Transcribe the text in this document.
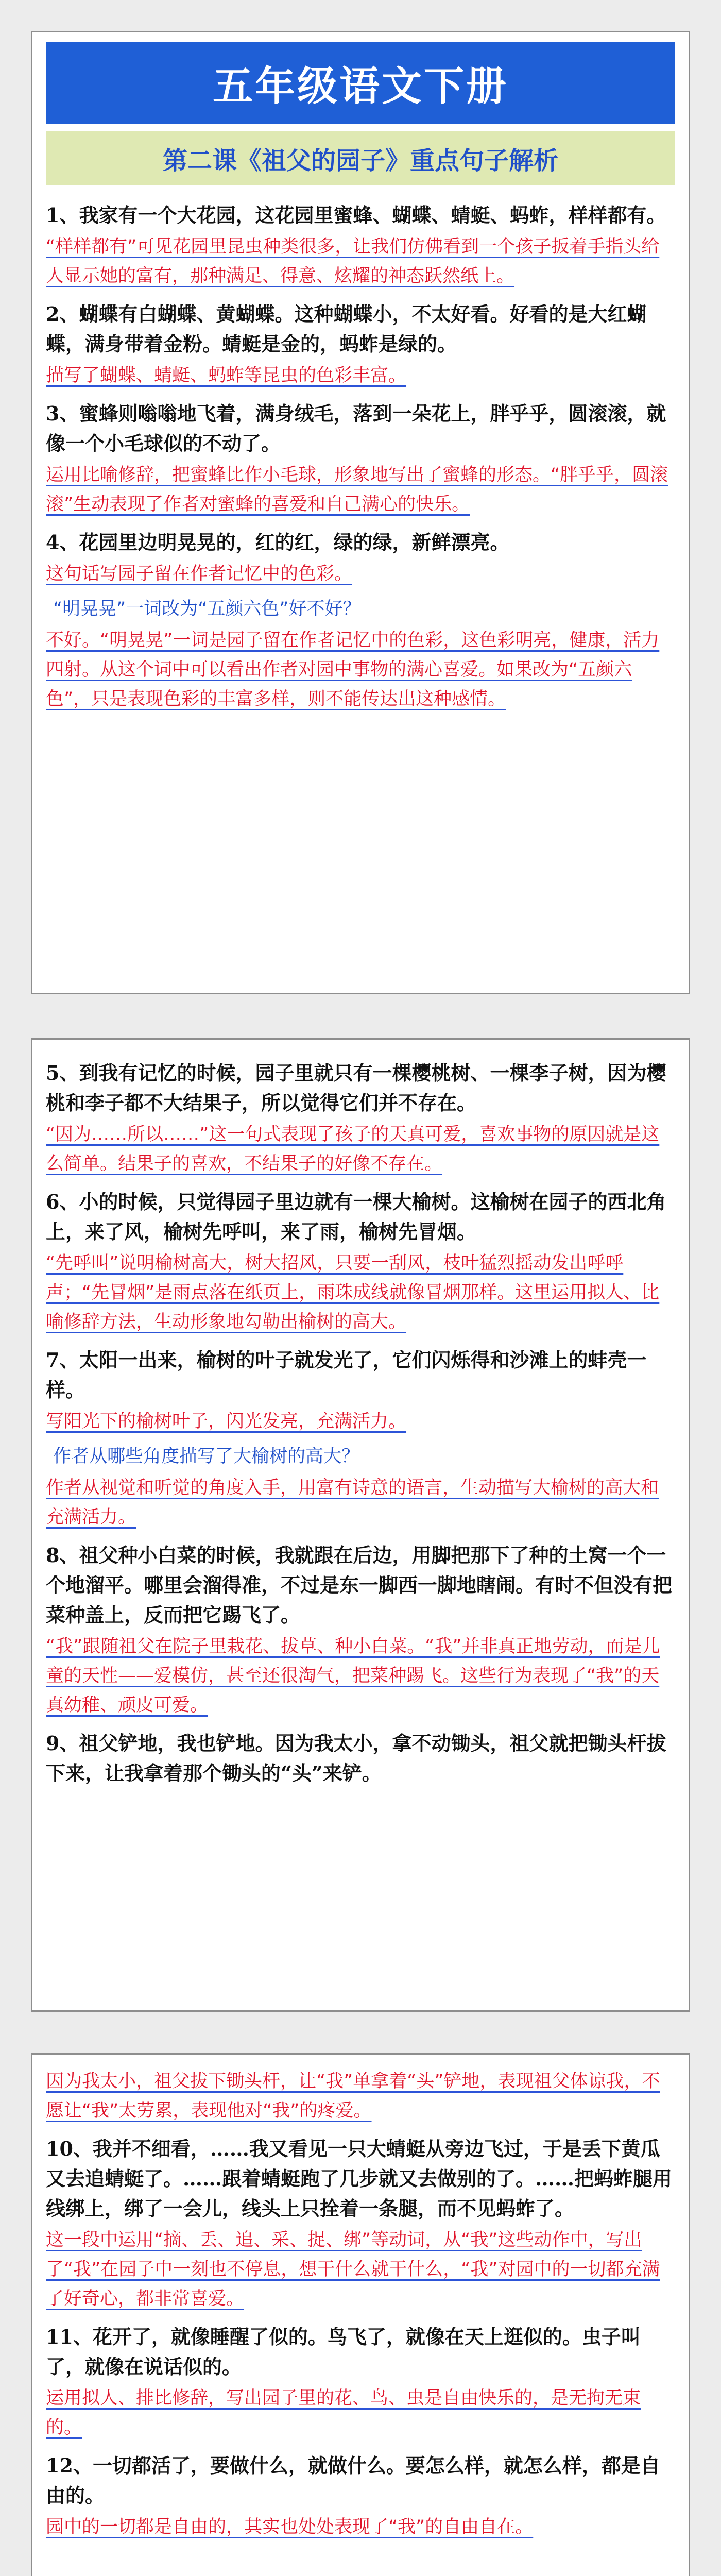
五年级语文下册
第二课《祖父的园子》重点句子解析

1、我家有一个大花园，这花园里蜜蜂、蝴蝶、蜻蜓、蚂蚱，样样都有。

“样样都有”可见花园里昆虫种类很多，让我们仿佛看到一个孩子扳着手指头给人显示她的富有，那种满足、得意、炫耀的神态跃然纸上。

2、蝴蝶有白蝴蝶、黄蝴蝶。这种蝴蝶小，不太好看。好看的是大红蝴蝶，满身带着金粉。蜻蜓是金的，蚂蚱是绿的。

描写了蝴蝶、蜻蜓、蚂蚱等昆虫的色彩丰富。

3、蜜蜂则嗡嗡地飞着，满身绒毛，落到一朵花上，胖乎乎，圆滚滚，就像一个小毛球似的不动了。

运用比喻修辞，把蜜蜂比作小毛球，形象地写出了蜜蜂的形态。“胖乎乎，圆滚滚”生动表现了作者对蜜蜂的喜爱和自己满心的快乐。

4、花园里边明晃晃的，红的红，绿的绿，新鲜漂亮。

这句话写园子留在作者记忆中的色彩。

“明晃晃”一词改为“五颜六色”好不好？

不好。“明晃晃”一词是园子留在作者记忆中的色彩，这色彩明亮，健康，活力四射。从这个词中可以看出作者对园中事物的满心喜爱。如果改为“五颜六色”，只是表现色彩的丰富多样，则不能传达出这种感情。

5、到我有记忆的时候，园子里就只有一棵樱桃树、一棵李子树，因为樱桃和李子都不大结果子，所以觉得它们并不存在。

“因为……所以……”这一句式表现了孩子的天真可爱，喜欢事物的原因就是这么简单。结果子的喜欢，不结果子的好像不存在。

6、小的时候，只觉得园子里边就有一棵大榆树。这榆树在园子的西北角上，来了风，榆树先呼叫，来了雨，榆树先冒烟。

“先呼叫”说明榆树高大，树大招风，只要一刮风，枝叶猛烈摇动发出呼呼声；“先冒烟”是雨点落在纸页上，雨珠成线就像冒烟那样。这里运用拟人、比喻修辞方法，生动形象地勾勒出榆树的高大。

7、太阳一出来，榆树的叶子就发光了，它们闪烁得和沙滩上的蚌壳一样。

写阳光下的榆树叶子，闪光发亮，充满活力。

作者从哪些角度描写了大榆树的高大？

作者从视觉和听觉的角度入手，用富有诗意的语言，生动描写大榆树的高大和充满活力。

8、祖父种小白菜的时候，我就跟在后边，用脚把那下了种的土窝一个一个地溜平。哪里会溜得准，不过是东一脚西一脚地瞎闹。有时不但没有把菜种盖上，反而把它踢飞了。

“我”跟随祖父在院子里栽花、拔草、种小白菜。“我”并非真正地劳动，而是儿童的天性——爱模仿，甚至还很淘气，把菜种踢飞。这些行为表现了“我”的天真幼稚、顽皮可爱。

9、祖父铲地，我也铲地。因为我太小，拿不动锄头，祖父就把锄头杆拔下来，让我拿着那个锄头的“头”来铲。

因为我太小，祖父拔下锄头杆，让“我”单拿着“头”铲地，表现祖父体谅我，不愿让“我”太劳累，表现他对“我”的疼爱。

10、我并不细看，……我又看见一只大蜻蜓从旁边飞过，于是丢下黄瓜又去追蜻蜓了。……跟着蜻蜓跑了几步就又去做别的了。……把蚂蚱腿用线绑上，绑了一会儿，线头上只拴着一条腿，而不见蚂蚱了。

这一段中运用“摘、丢、追、采、捉、绑”等动词，从“我”这些动作中，写出了“我”在园子中一刻也不停息，想干什么就干什么，“我”对园中的一切都充满了好奇心，都非常喜爱。

11、花开了，就像睡醒了似的。鸟飞了，就像在天上逛似的。虫子叫了，就像在说话似的。

运用拟人、排比修辞，写出园子里的花、鸟、虫是自由快乐的，是无拘无束的。

12、一切都活了，要做什么，就做什么。要怎么样，就怎么样，都是自由的。

园中的一切都是自由的，其实也处处表现了“我”的自由自在。
